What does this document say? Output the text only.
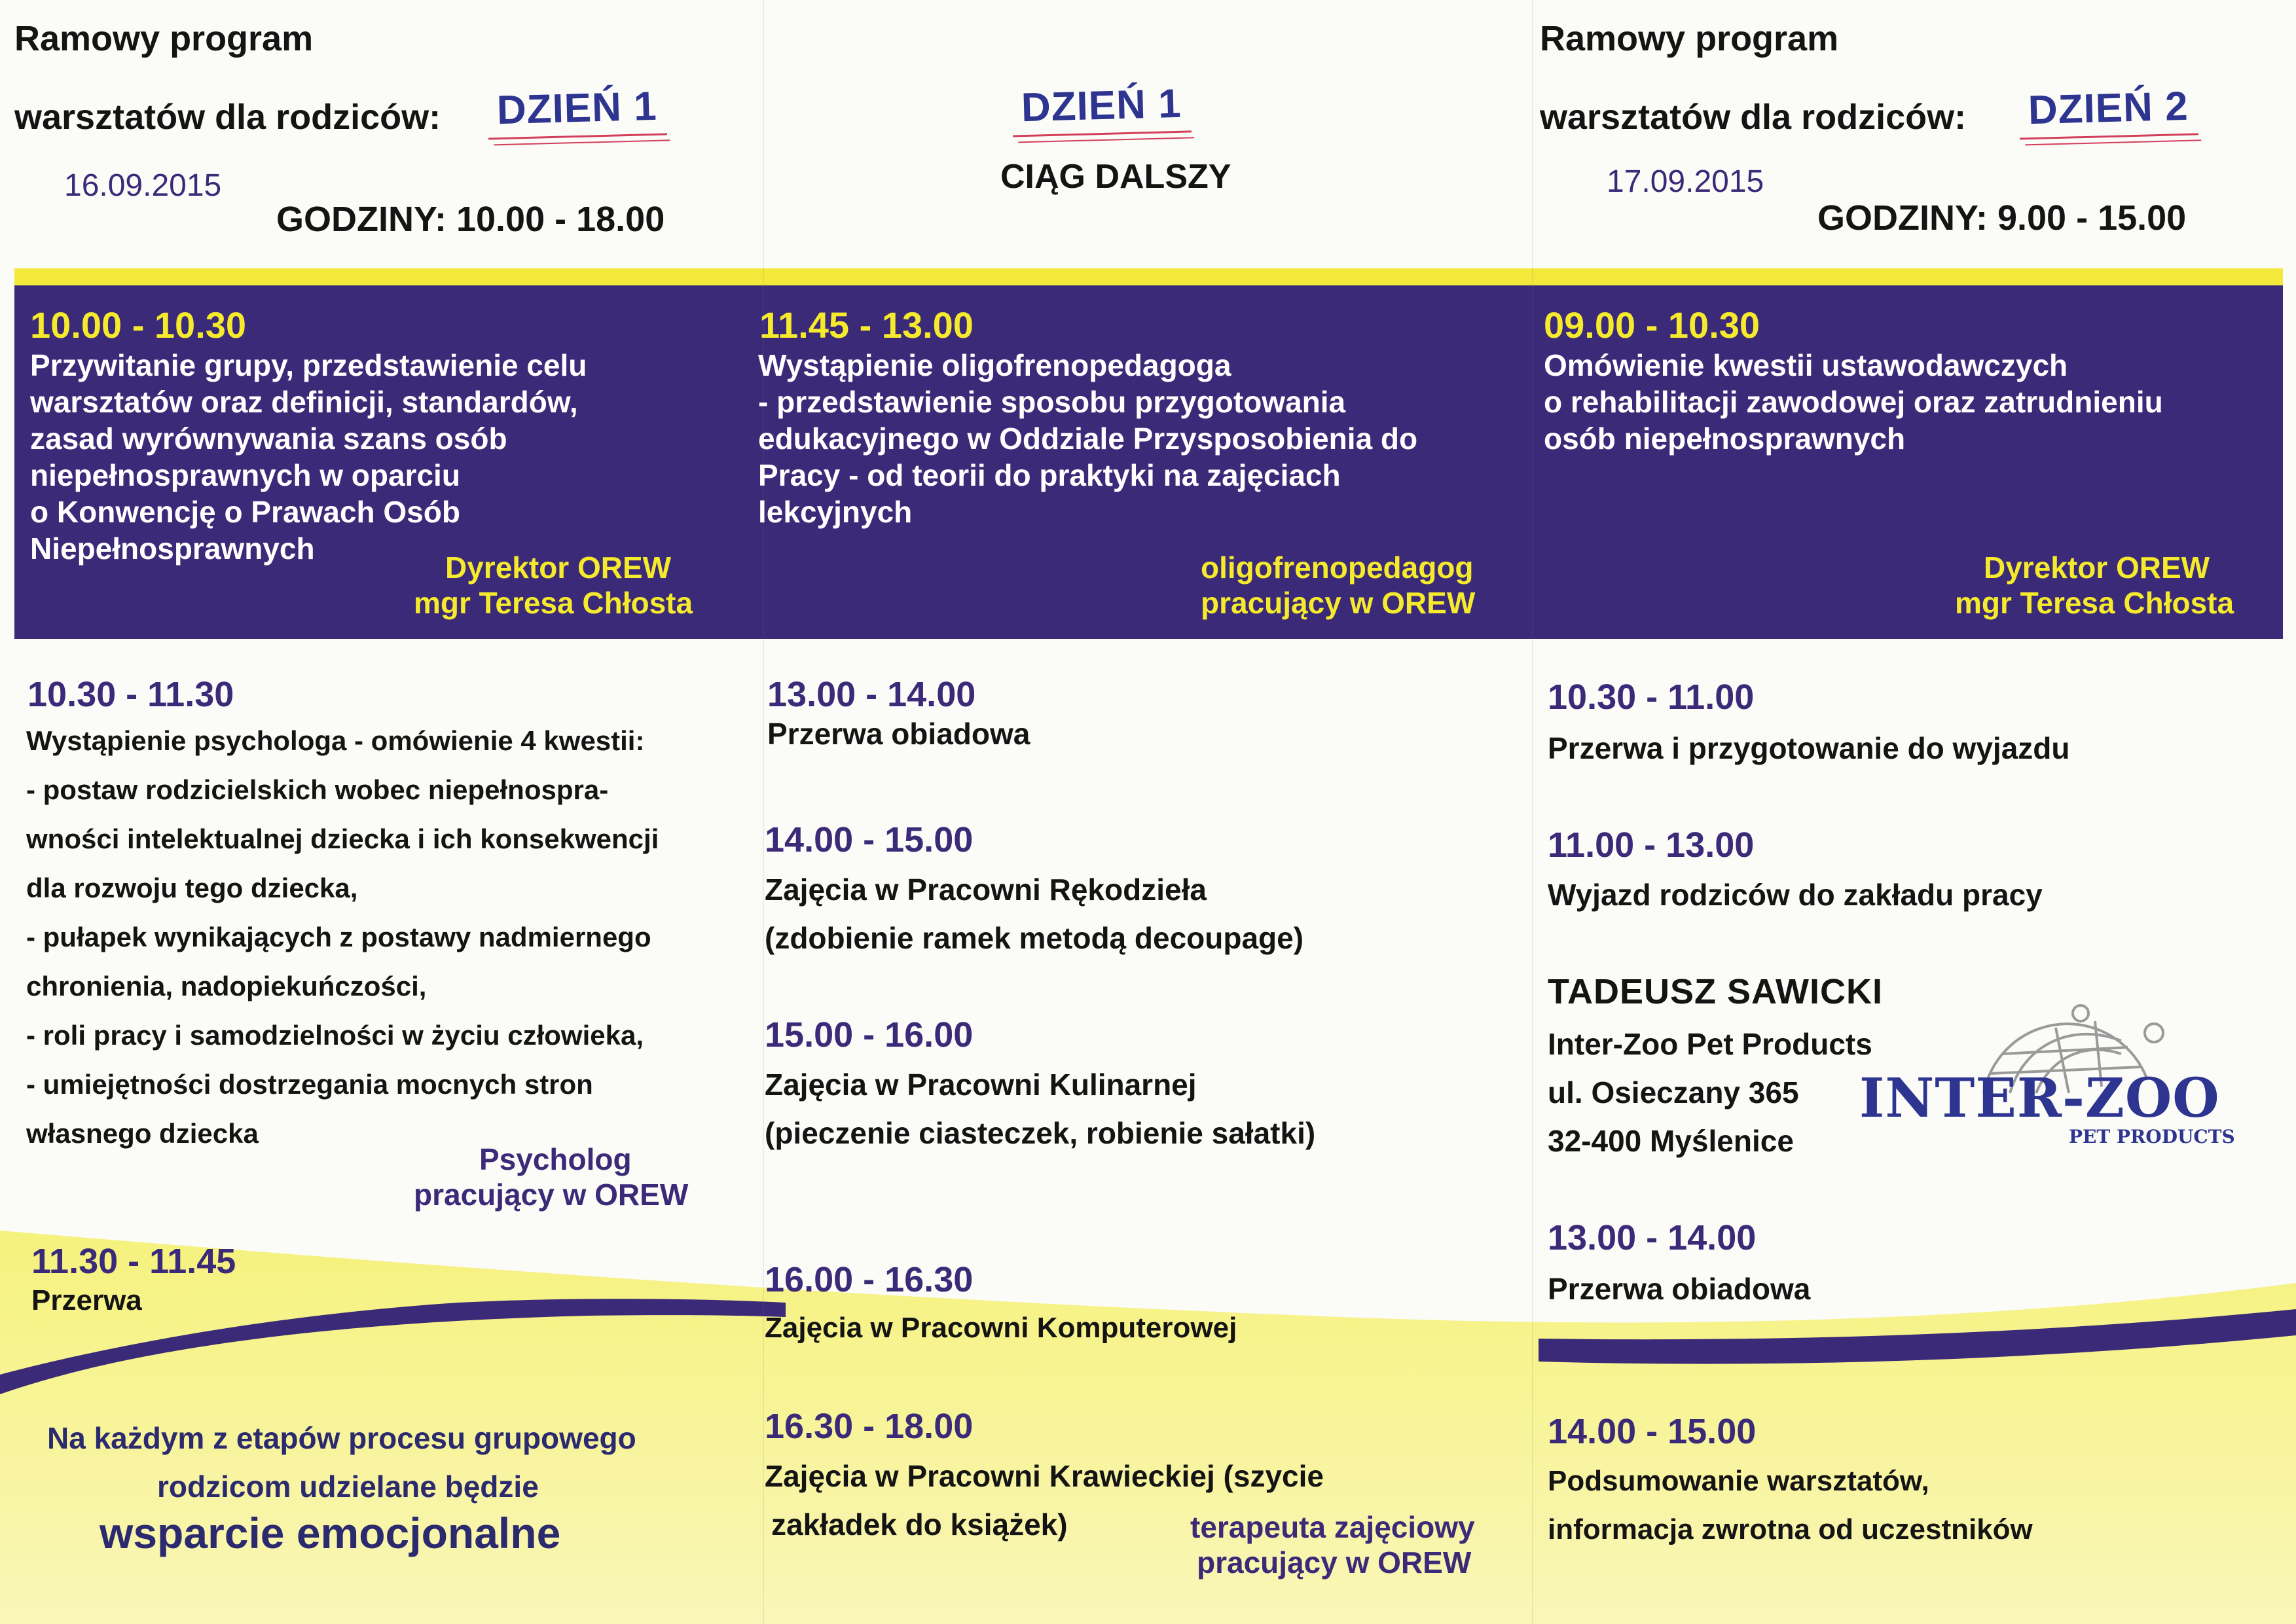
Ramowy program

warsztatów dla rodziców: DZIEŃ 1

16.09.2015

GODZINY: 10.00 - 18.00

10.00 - 10.30

Przywitanie grupy, przedstawienie celu
warsztatów oraz definicji, standardów,
zasad wyrównywania szans osób
niepełnosprawnych w oparciu
o Konwencję o Prawach Osób
Niepełnosprawnych

Dyrektor OREW

mgr Teresa Chłosta

10.30 - 11.30

Wystąpienie psychologa - omówienie 4 kwestii:

- postaw rodzicielskich wobec niepełnospra-

wności intelektualnej dziecka i ich konsekwencji

dla rozwoju tego dziecka,

- pułapek wynikających z postawy nadmiernego

chronienia, nadopiekuńczości,

- roli pracy i samodzielności w życiu człowieka,

- umiejętności dostrzegania mocnych stron

własnego dziecka

Psycholog

pracujący w OREW

11.30 - 11.45

Przerwa

Na każdym z etapów procesu grupowego

rodzicom udzielane będzie

wsparcie emocjonalne

DZIEŃ 1

CIĄG DALSZY

11.45 - 13.00

Wystąpienie oligofrenopedagoga
- przedstawienie sposobu przygotowania
edukacyjnego w Oddziale Przysposobienia do
Pracy - od teorii do praktyki na zajęciach
lekcyjnych

oligofrenopedagog

pracujący w OREW

13.00 - 14.00

Przerwa obiadowa

14.00 - 15.00

Zajęcia w Pracowni Rękodzieła

(zdobienie ramek metodą decoupage)

15.00 - 16.00

Zajęcia w Pracowni Kulinarnej

(pieczenie ciasteczek, robienie sałatki)

16.00 - 16.30

Zajęcia w Pracowni Komputerowej

16.30 - 18.00

Zajęcia w Pracowni Krawieckiej (szycie

zakładek do książek)	terapeuta zajęciowy

pracujący w OREW

Ramowy program

warsztatów dla rodziców: DZIEŃ 2

17.09.2015

GODZINY: 9.00 - 15.00

09.00 - 10.30

Omówienie kwestii ustawodawczych
o rehabilitacji zawodowej oraz zatrudnieniu
osób niepełnosprawnych

Dyrektor OREW

mgr Teresa Chłosta

10.30 - 11.00

Przerwa i przygotowanie do wyjazdu

11.00 - 13.00

Wyjazd rodziców do zakładu pracy

TADEUSZ SAWICKI

Inter-Zoo Pet Products

ul. Osieczany 365

32-400 Myślenice

INTER-ZOO
PET PRODUCTS

13.00 - 14.00

Przerwa obiadowa

14.00 - 15.00

Podsumowanie warsztatów,

informacja zwrotna od uczestników
